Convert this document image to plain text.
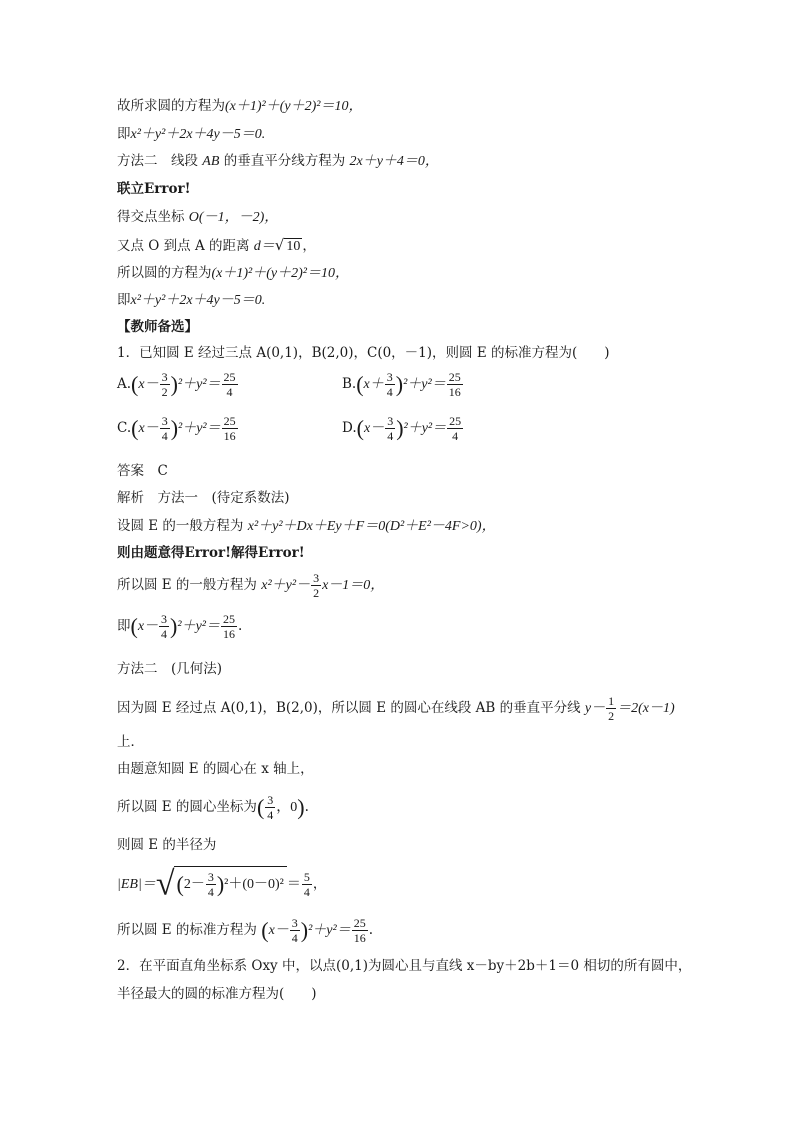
故所求圆的方程为(x＋1)²＋(y＋2)²＝10，
即x²＋y²＋2x＋4y－5＝0.
方法二　线段 AB 的垂直平分线方程为 2x＋y＋4＝0，
联立Error!
得交点坐标 O(－1，－2)，
又点 O 到点 A 的距离 d＝√ 10 ，
所以圆的方程为(x＋1)²＋(y＋2)²＝10，
即x²＋y²＋2x＋4y－5＝0.
【教师备选】
1．已知圆 E 经过三点 A(0,1)，B(2,0)，C(0，－1)，则圆 E 的标准方程为(　　)
$A.(x- \frac{3}{2} )^2+y^2= \frac{25}{4}$	$B.(x+ \frac{3}{4} )^2+y^2= \frac{25}{16}$
$C.(x- \frac{3}{4} )^2+y^2= \frac{25}{16}$	$D.(x- \frac{3}{4} )^2+y^2= \frac{25}{4}$
答案　C
解析　方法一　(待定系数法)
设圆 E 的一般方程为 x²＋y²＋Dx＋Ey＋F＝0(D²＋E²－4F>0)，
则由题意得Error!解得Error!
所以圆 E 的一般方程为 $x^2+y^2- \frac{3}{2} x-1=0$，
即$(x- \frac{3}{4} )^2+y^2= \frac{25}{16}$ .
方法二　(几何法)
因为圆 E 经过点 A(0,1)，B(2,0)，所以圆 E 的圆心在线段 AB 的垂直平分线 $y- \frac{1}{2} =2(x-1)$
上．
由题意知圆 E 的圆心在 x 轴上，
所以圆 E 的圆心坐标为( $\frac{3}{4}$ ，0).
则圆 E 的半径为
$|EB|=√(2- \frac{3}{4} )^2+(0-0)^2 = \frac{5}{4}$ ，
所以圆 E 的标准方程为 $(x- \frac{3}{4} )^2+y^2= \frac{25}{16}$ .
2．在平面直角坐标系 Oxy 中，以点(0,1)为圆心且与直线 x－by＋2b＋1＝0 相切的所有圆中，
半径最大的圆的标准方程为(　　)
